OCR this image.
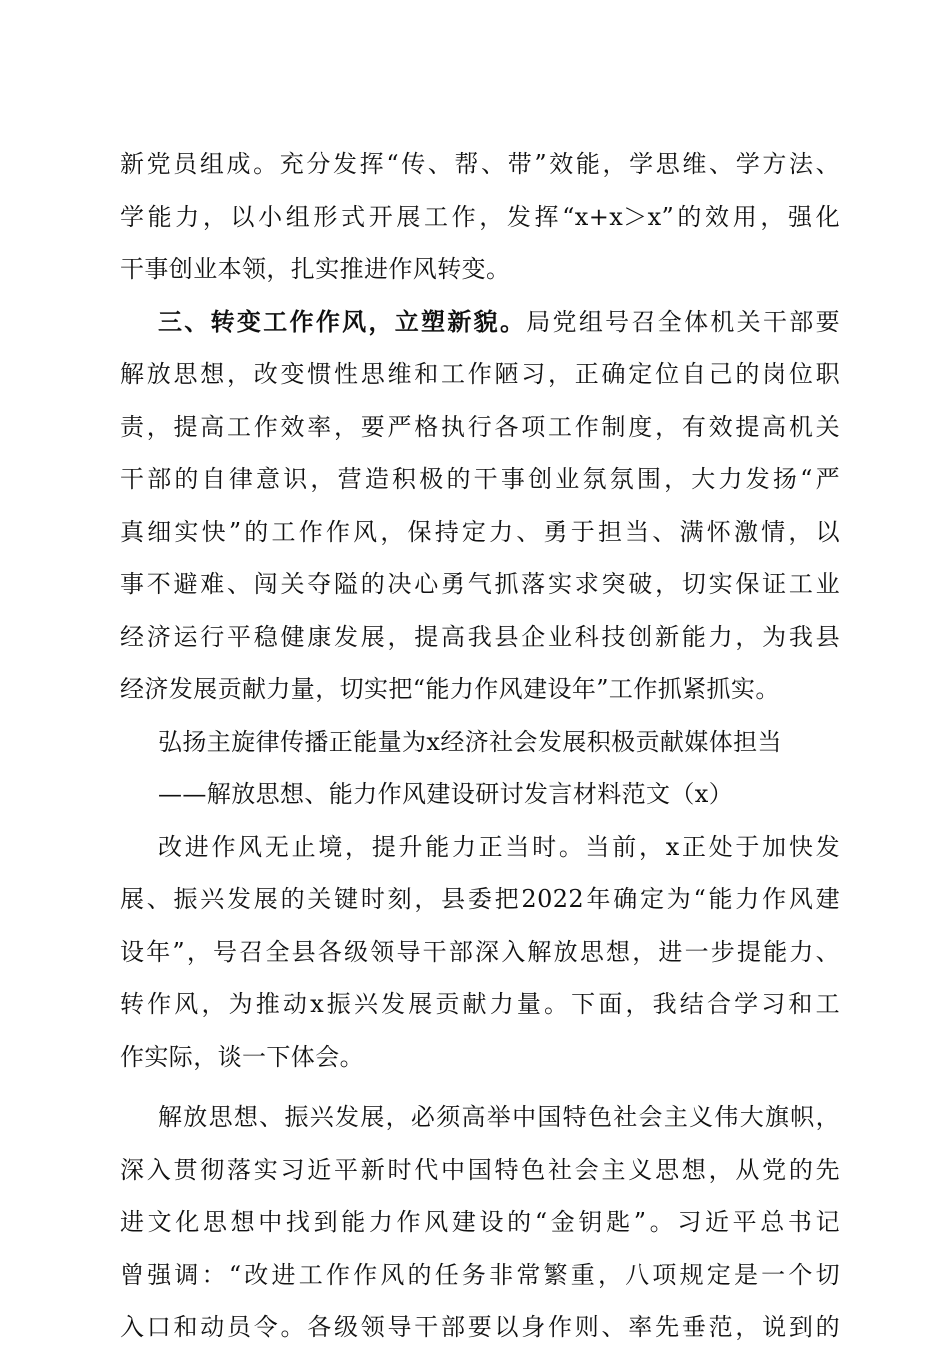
新党员组成。充分发挥“传、帮、带”效能，学思维、学方法、
学能力，以小组形式开展工作，发挥“x+x＞x”的效用，强化
干事创业本领，扎实推进作风转变。
三、转变工作作风，立塑新貌。局党组号召全体机关干部要
解放思想，改变惯性思维和工作陋习，正确定位自己的岗位职
责，提高工作效率，要严格执行各项工作制度，有效提高机关
干部的自律意识，营造积极的干事创业氛氛围，大力发扬“严
真细实快”的工作作风，保持定力、勇于担当、满怀激情，以
事不避难、闯关夺隘的决心勇气抓落实求突破，切实保证工业
经济运行平稳健康发展，提高我县企业科技创新能力，为我县
经济发展贡献力量，切实把“能力作风建设年”工作抓紧抓实。
弘扬主旋律传播正能量为x经济社会发展积极贡献媒体担当
——解放思想、能力作风建设研讨发言材料范文（x）
改进作风无止境，提升能力正当时。当前，x正处于加快发
展、振兴发展的关键时刻，县委把2022年确定为“能力作风建
设年”，号召全县各级领导干部深入解放思想，进一步提能力、
转作风，为推动x振兴发展贡献力量。下面，我结合学习和工
作实际，谈一下体会。
解放思想、振兴发展，必须高举中国特色社会主义伟大旗帜，
深入贯彻落实习近平新时代中国特色社会主义思想，从党的先
进文化思想中找到能力作风建设的“金钥匙”。习近平总书记
曾强调：“改进工作作风的任务非常繁重，八项规定是一个切
入口和动员令。各级领导干部要以身作则、率先垂范，说到的
